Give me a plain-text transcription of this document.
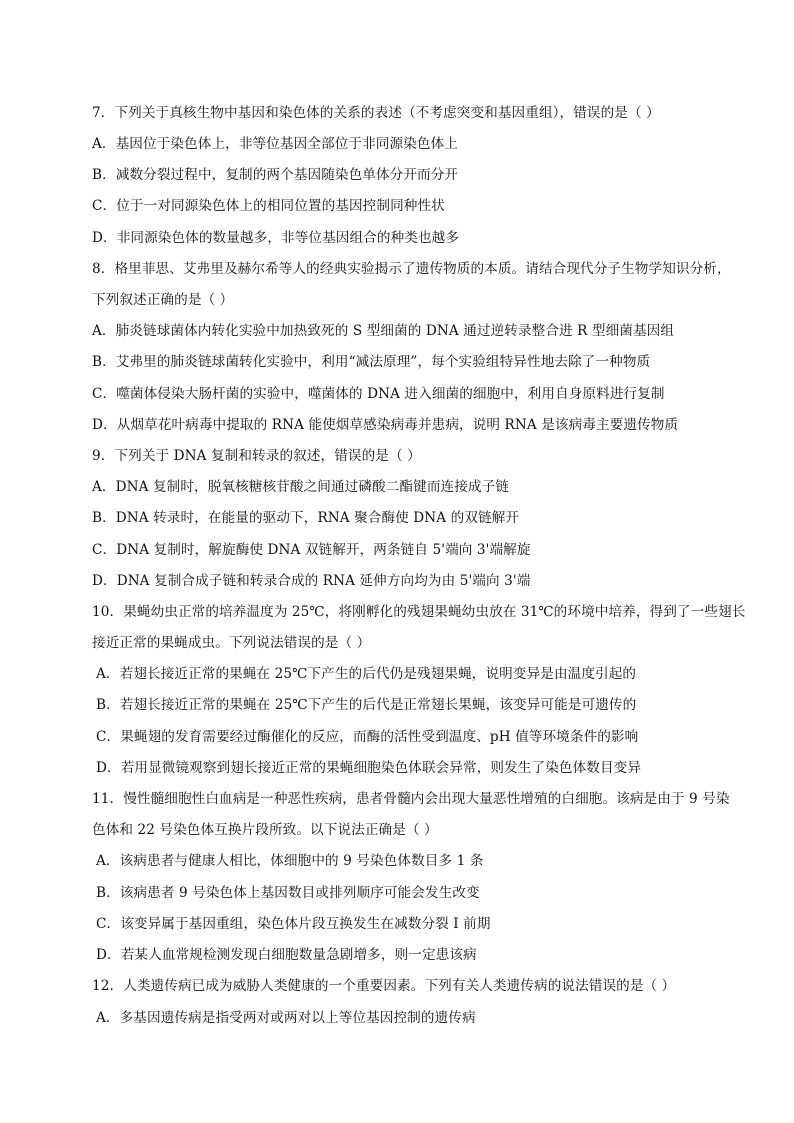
7．下列关于真核生物中基因和染色体的关系的表述（不考虑突变和基因重组），错误的是（ ）
A．基因位于染色体上，非等位基因全部位于非同源染色体上
B．减数分裂过程中，复制的两个基因随染色单体分开而分开
C．位于一对同源染色体上的相同位置的基因控制同种性状
D．非同源染色体的数量越多，非等位基因组合的种类也越多
8．格里菲思、艾弗里及赫尔希等人的经典实验揭示了遗传物质的本质。请结合现代分子生物学知识分析，
下列叙述正确的是（ ）
A．肺炎链球菌体内转化实验中加热致死的 S 型细菌的 DNA 通过逆转录整合进 R 型细菌基因组
B．艾弗里的肺炎链球菌转化实验中，利用“减法原理”，每个实验组特异性地去除了一种物质
C．噬菌体侵染大肠杆菌的实验中，噬菌体的 DNA 进入细菌的细胞中，利用自身原料进行复制
D．从烟草花叶病毒中提取的 RNA 能使烟草感染病毒并患病，说明 RNA 是该病毒主要遗传物质
9．下列关于 DNA 复制和转录的叙述，错误的是（ ）
A．DNA 复制时，脱氧核糖核苷酸之间通过磷酸二酯键而连接成子链
B．DNA 转录时，在能量的驱动下，RNA 聚合酶使 DNA 的双链解开
C．DNA 复制时，解旋酶使 DNA 双链解开，两条链自 5'端向 3'端解旋
D．DNA 复制合成子链和转录合成的 RNA 延伸方向均为由 5'端向 3'端
10．果蝇幼虫正常的培养温度为 25℃，将刚孵化的残翅果蝇幼虫放在 31℃的环境中培养，得到了一些翅长
接近正常的果蝇成虫。下列说法错误的是（ ）
A．若翅长接近正常的果蝇在 25℃下产生的后代仍是残翅果蝇，说明变异是由温度引起的
B．若翅长接近正常的果蝇在 25℃下产生的后代是正常翅长果蝇，该变异可能是可遗传的
C．果蝇翅的发育需要经过酶催化的反应，而酶的活性受到温度、pH 值等环境条件的影响
D．若用显微镜观察到翅长接近正常的果蝇细胞染色体联会异常，则发生了染色体数目变异
11．慢性髓细胞性白血病是一种恶性疾病，患者骨髓内会出现大量恶性增殖的白细胞。该病是由于 9 号染
色体和 22 号染色体互换片段所致。以下说法正确是（ ）
A．该病患者与健康人相比，体细胞中的 9 号染色体数目多 1 条
B．该病患者 9 号染色体上基因数目或排列顺序可能会发生改变
C．该变异属于基因重组，染色体片段互换发生在减数分裂 I 前期
D．若某人血常规检测发现白细胞数量急剧增多，则一定患该病
12．人类遗传病已成为威胁人类健康的一个重要因素。下列有关人类遗传病的说法错误的是（ ）
A．多基因遗传病是指受两对或两对以上等位基因控制的遗传病
